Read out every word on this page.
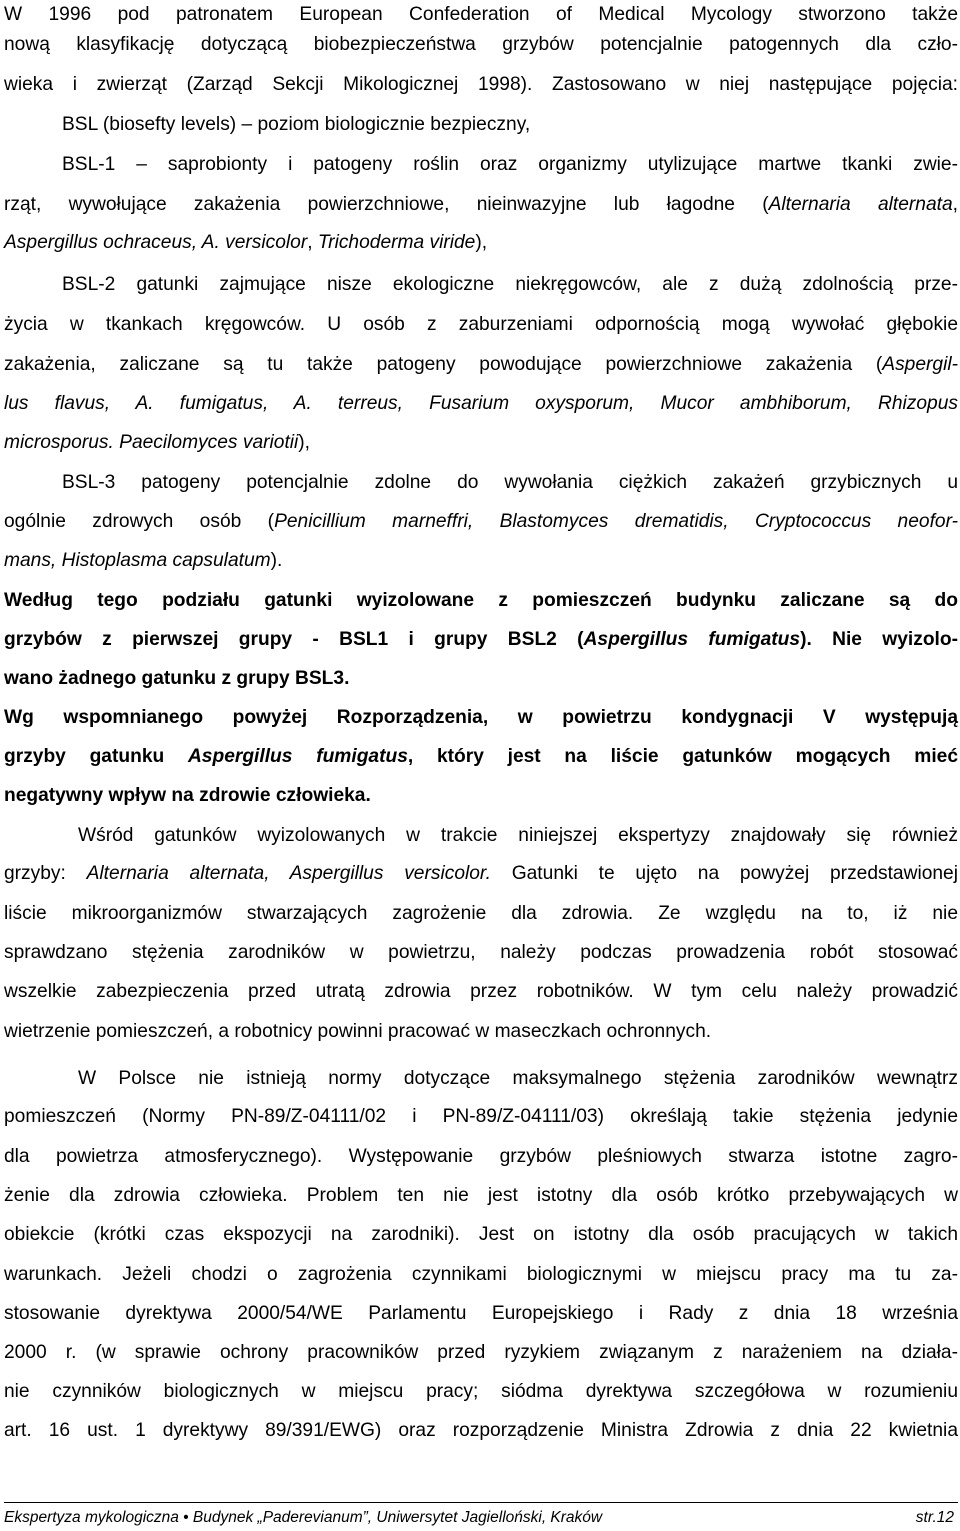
W 1996 pod patronatem European Confederation of Medical Mycology stworzono także
nową klasyfikację dotyczącą biobezpieczeństwa grzybów potencjalnie patogennych dla czło-
wieka i zwierząt (Zarząd Sekcji Mikologicznej 1998). Zastosowano w niej następujące pojęcia:
BSL (biosefty levels) – poziom biologicznie bezpieczny,
BSL-1 – saprobionty i patogeny roślin oraz organizmy utylizujące martwe tkanki zwie-
rząt, wywołujące zakażenia powierzchniowe, nieinwazyjne lub łagodne (Alternaria alternata,
Aspergillus ochraceus, A. versicolor, Trichoderma viride),
BSL-2 gatunki zajmujące nisze ekologiczne niekręgowców, ale z dużą zdolnością prze-
życia w tkankach kręgowców. U osób z zaburzeniami odpornością mogą wywołać głębokie
zakażenia, zaliczane są tu także patogeny powodujące powierzchniowe zakażenia (Aspergil-
lus flavus, A. fumigatus, A. terreus, Fusarium oxysporum, Mucor ambhiborum, Rhizopus
microsporus. Paecilomyces variotii),
BSL-3 patogeny potencjalnie zdolne do wywołania ciężkich zakażeń grzybicznych u
ogólnie zdrowych osób (Penicillium marneffri, Blastomyces drematidis, Cryptococcus neofor-
mans, Histoplasma capsulatum).
Według tego podziału gatunki wyizolowane z pomieszczeń budynku zaliczane są do
grzybów z pierwszej grupy - BSL1 i grupy BSL2 (Aspergillus fumigatus). Nie wyizolo-
wano żadnego gatunku z grupy BSL3.
Wg wspomnianego powyżej Rozporządzenia, w powietrzu kondygnacji V występują
grzyby gatunku Aspergillus fumigatus, który jest na liście gatunków mogących mieć
negatywny wpływ na zdrowie człowieka.
Wśród gatunków wyizolowanych w trakcie niniejszej ekspertyzy znajdowały się również
grzyby: Alternaria alternata, Aspergillus versicolor. Gatunki te ujęto na powyżej przedstawionej
liście mikroorganizmów stwarzających zagrożenie dla zdrowia. Ze względu na to, iż nie
sprawdzano stężenia zarodników w powietrzu, należy podczas prowadzenia robót stosować
wszelkie zabezpieczenia przed utratą zdrowia przez robotników. W tym celu należy prowadzić
wietrzenie pomieszczeń, a robotnicy powinni pracować w maseczkach ochronnych.
W Polsce nie istnieją normy dotyczące maksymalnego stężenia zarodników wewnątrz
pomieszczeń (Normy PN-89/Z-04111/02 i PN-89/Z-04111/03) określają takie stężenia jedynie
dla powietrza atmosferycznego). Występowanie grzybów pleśniowych stwarza istotne zagro-
żenie dla zdrowia człowieka. Problem ten nie jest istotny dla osób krótko przebywających w
obiekcie (krótki czas ekspozycji na zarodniki). Jest on istotny dla osób pracujących w takich
warunkach. Jeżeli chodzi o zagrożenia czynnikami biologicznymi w miejscu pracy ma tu za-
stosowanie dyrektywa 2000/54/WE Parlamentu Europejskiego i Rady z dnia 18 września
2000 r. (w sprawie ochrony pracowników przed ryzykiem związanym z narażeniem na działa-
nie czynników biologicznych w miejscu pracy; siódma dyrektywa szczegółowa w rozumieniu
art. 16 ust. 1 dyrektywy 89/391/EWG) oraz rozporządzenie Ministra Zdrowia z dnia 22 kwietnia
Ekspertyza mykologiczna • Budynek „Paderevianum”, Uniwersytet Jagielloński, Kraków	str.12
